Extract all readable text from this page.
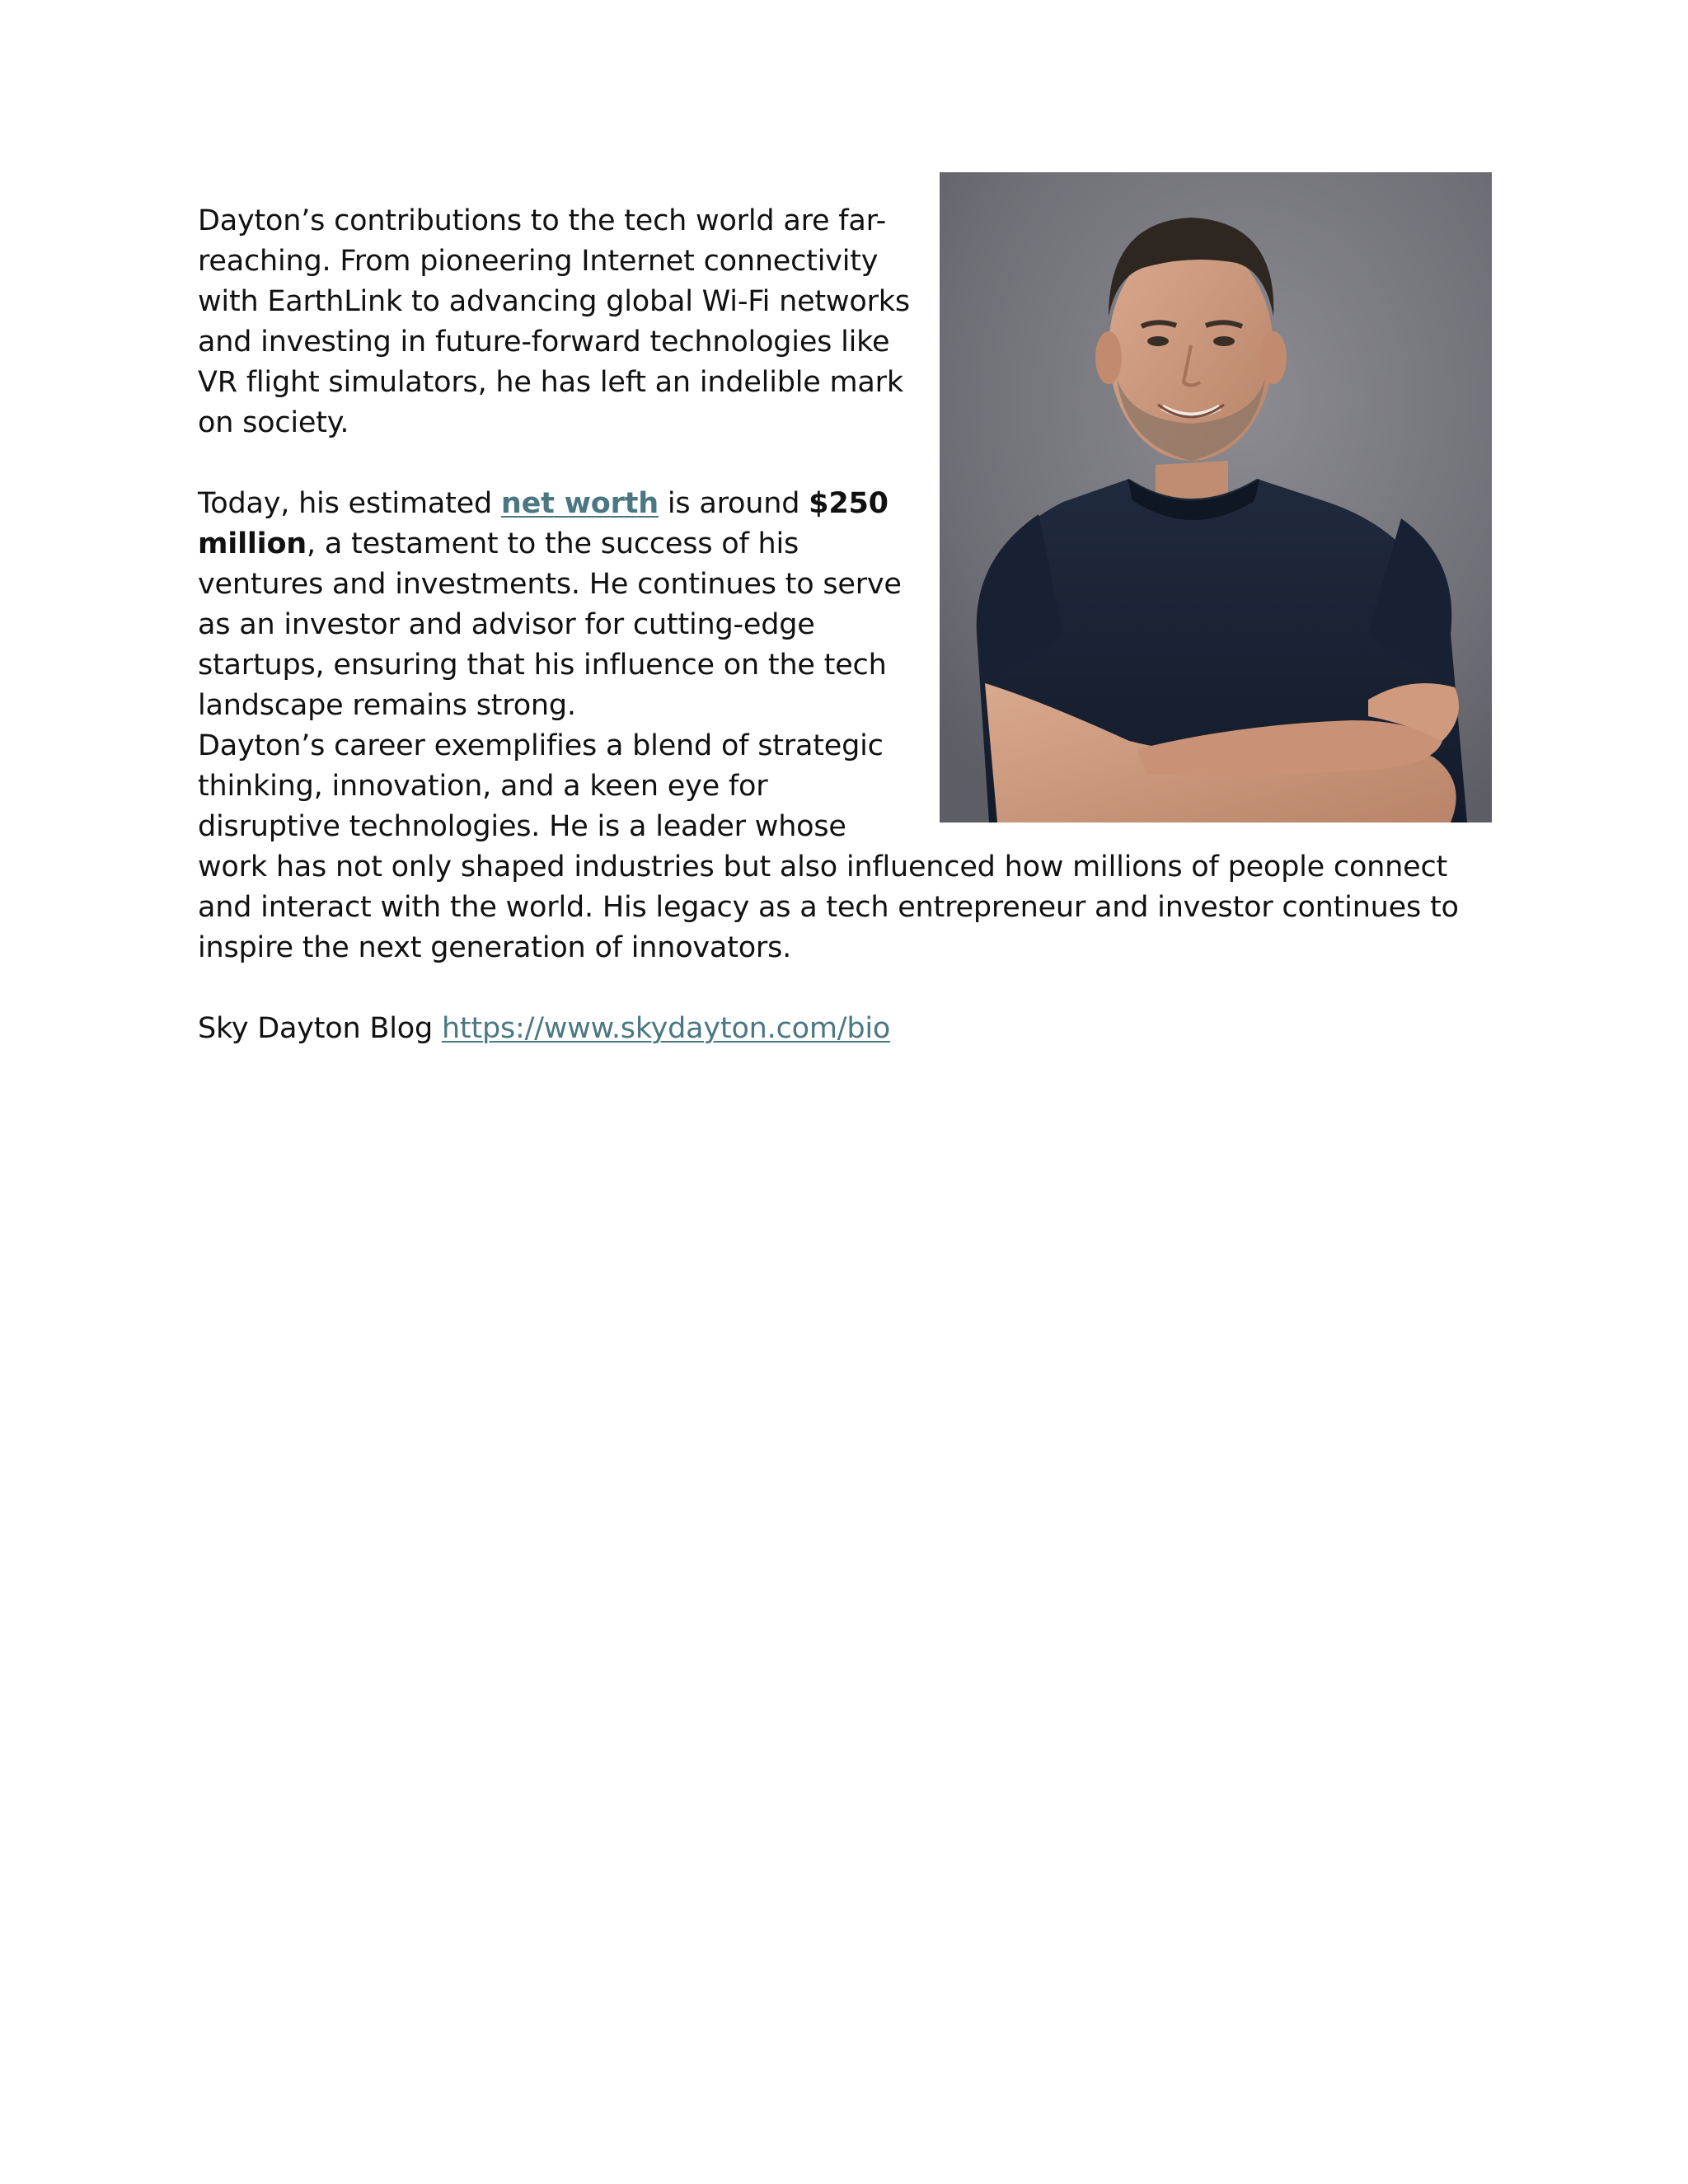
Dayton’s contributions to the tech world are far-reaching. From pioneering Internet connectivity with EarthLink to advancing global Wi-Fi networks and investing in future-forward technologies like VR flight simulators, he has left an indelible mark on society.

Today, his estimated net worth is around $250 million, a testament to the success of his ventures and investments. He continues to serve as an investor and advisor for cutting-edge startups, ensuring that his influence on the tech landscape remains strong.

Dayton’s career exemplifies a blend of strategic thinking, innovation, and a keen eye for disruptive technologies. He is a leader whose work has not only shaped industries but also influenced how millions of people connect and interact with the world. His legacy as a tech entrepreneur and investor continues to inspire the next generation of innovators.

Sky Dayton Blog https://www.skydayton.com/bio
